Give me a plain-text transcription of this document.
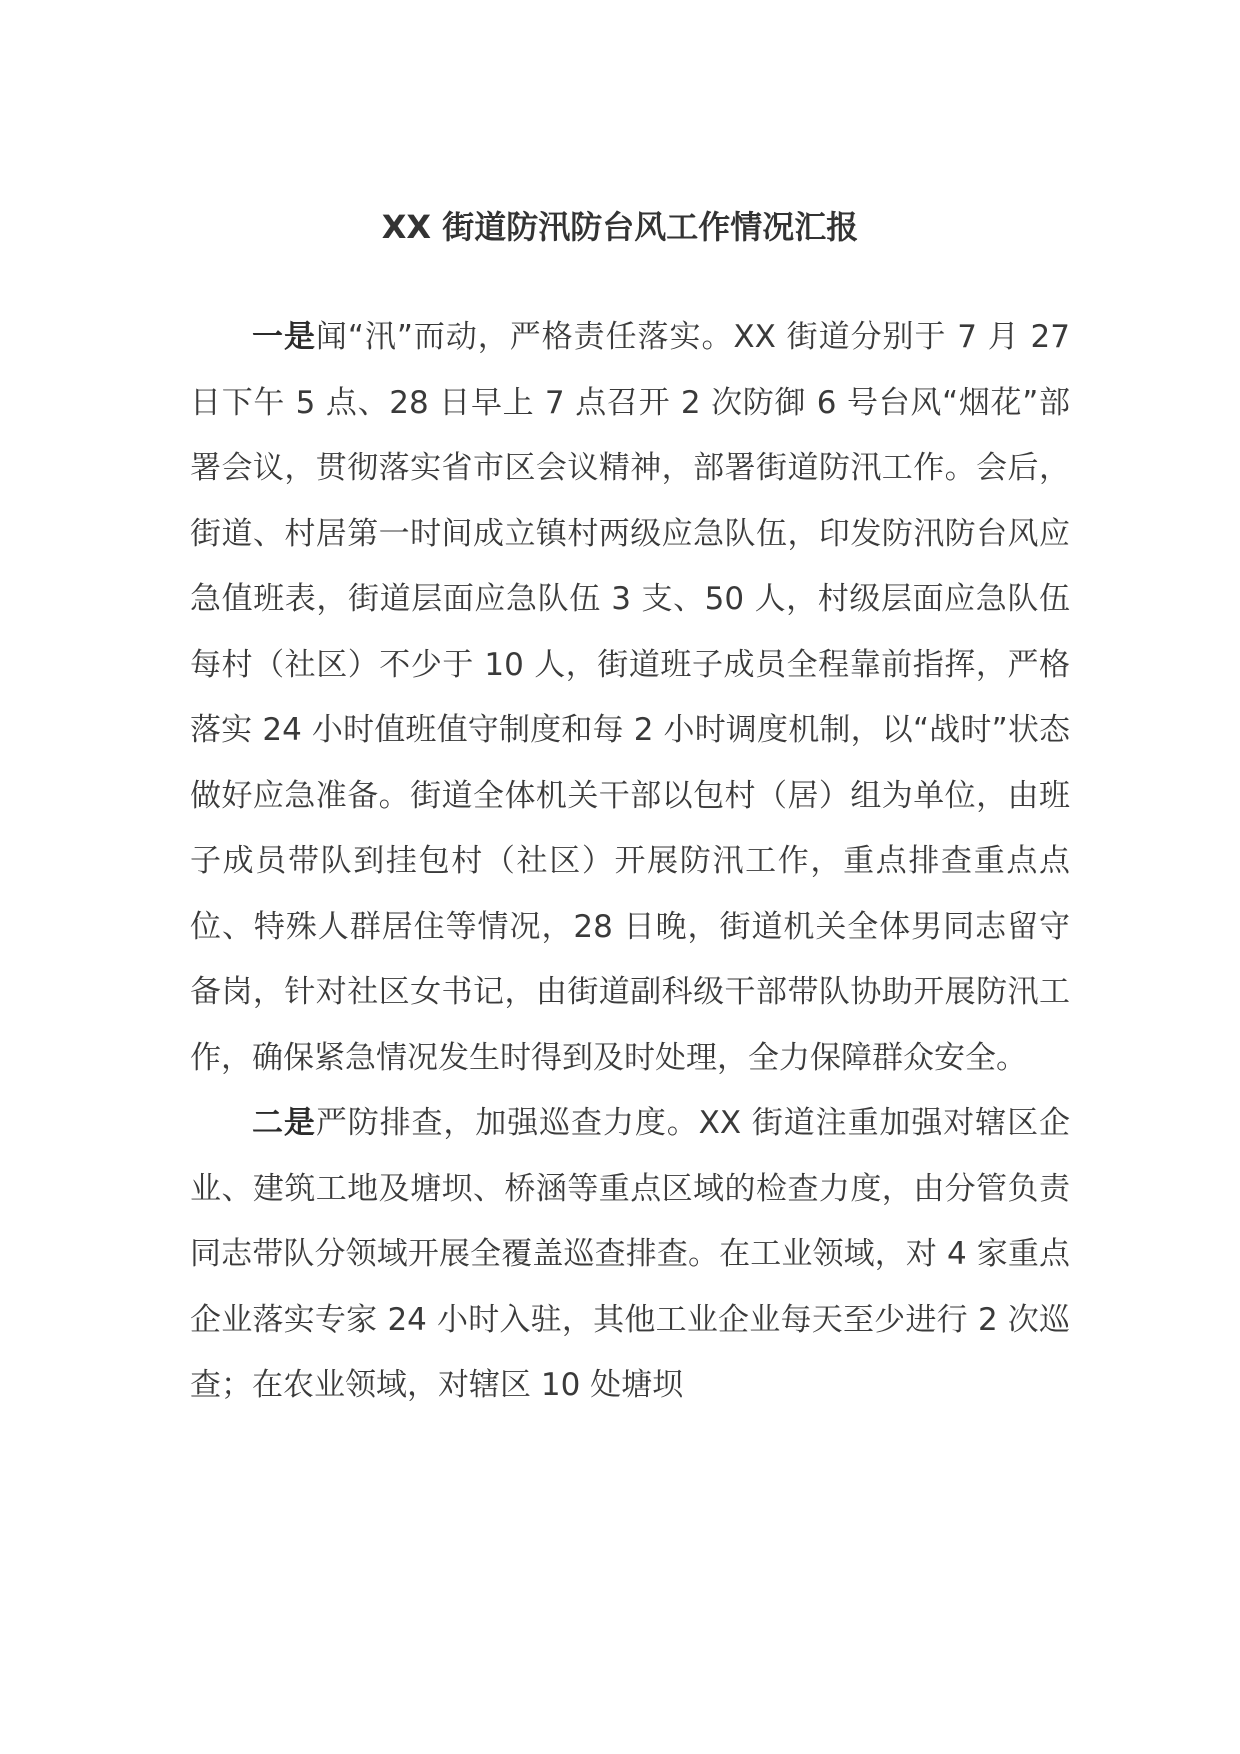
XX 街道防汛防台风工作情况汇报

一是闻“汛”而动，严格责任落实。XX 街道分别于 7 月 27 日下午 5 点、28 日早上 7 点召开 2 次防御 6 号台风“烟花”部署会议，贯彻落实省市区会议精神，部署街道防汛工作。会后，街道、村居第一时间成立镇村两级应急队伍，印发防汛防台风应急值班表，街道层面应急队伍 3 支、50 人，村级层面应急队伍每村（社区）不少于 10 人，街道班子成员全程靠前指挥，严格落实 24 小时值班值守制度和每 2 小时调度机制，以“战时”状态做好应急准备。街道全体机关干部以包村（居）组为单位，由班子成员带队到挂包村（社区）开展防汛工作，重点排查重点点位、特殊人群居住等情况，28 日晚，街道机关全体男同志留守备岗，针对社区女书记，由街道副科级干部带队协助开展防汛工作，确保紧急情况发生时得到及时处理，全力保障群众安全。

二是严防排查，加强巡查力度。XX 街道注重加强对辖区企业、建筑工地及塘坝、桥涵等重点区域的检查力度，由分管负责同志带队分领域开展全覆盖巡查排查。在工业领域，对 4 家重点企业落实专家 24 小时入驻，其他工业企业每天至少进行 2 次巡查；在农业领域，对辖区 10 处塘坝
